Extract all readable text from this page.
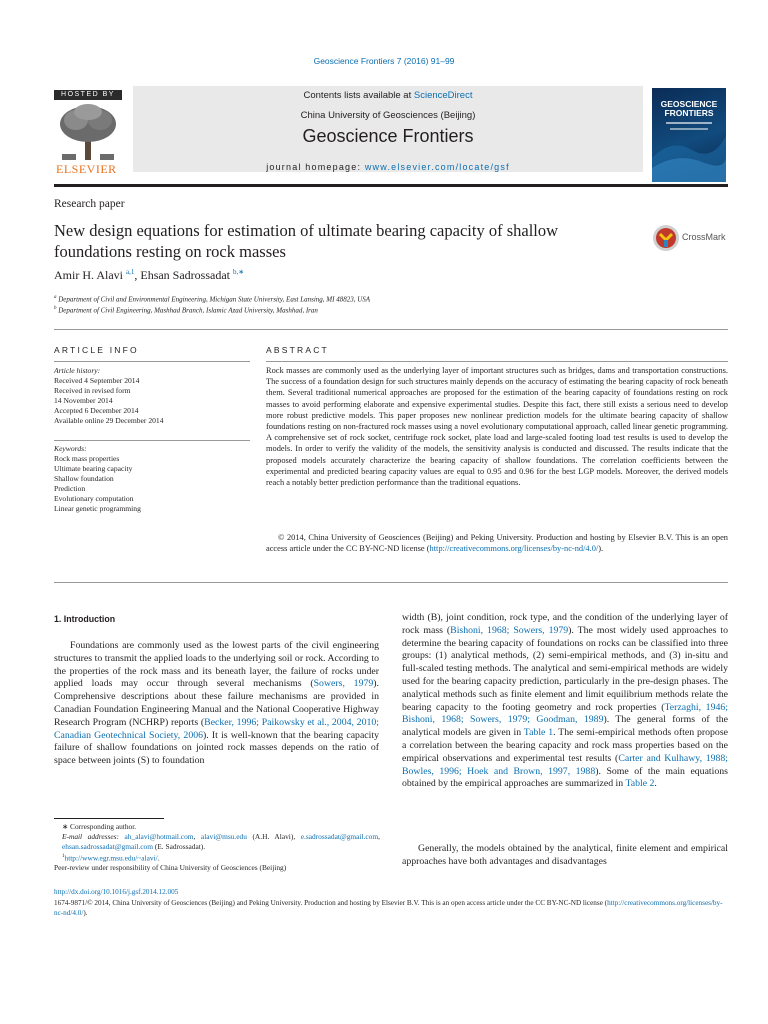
Geoscience Frontiers 7 (2016) 91–99
HOSTED BY
ELSEVIER
Contents lists available at ScienceDirect
China University of Geosciences (Beijing)
Geoscience Frontiers
journal homepage: www.elsevier.com/locate/gsf
GEOSCIENCE FRONTIERS
Research paper
New design equations for estimation of ultimate bearing capacity of shallow foundations resting on rock masses
CrossMark
Amir H. Alavi $^{a,1}$, Ehsan Sadrossadat $^{b,∗}$
$^a$ Department of Civil and Environmental Engineering, Michigan State University, East Lansing, MI 48823, USA
$^b$ Department of Civil Engineering, Mashhad Branch, Islamic Azad University, Mashhad, Iran
ARTICLE INFO	ABSTRACT
Article history:
Received 4 September 2014
Received in revised form
14 November 2014
Accepted 6 December 2014
Available online 29 December 2014
Keywords:
Rock mass properties
Ultimate bearing capacity
Shallow foundation
Prediction
Evolutionary computation
Linear genetic programming
Rock masses are commonly used as the underlying layer of important structures such as bridges, dams and transportation constructions. The success of a foundation design for such structures mainly depends on the accuracy of estimating the bearing capacity of rock beneath them. Several traditional numerical approaches are proposed for the estimation of the bearing capacity of foundations resting on rock masses to avoid performing elaborate and expensive experimental studies. Despite this fact, there still exists a serious need to develop more robust predictive models. This paper proposes new nonlinear prediction models for the ultimate bearing capacity of shallow foundations resting on non-fractured rock masses using a novel evolutionary computational approach, called linear genetic programming. A comprehensive set of rock socket, centrifuge rock socket, plate load and large-scaled footing load test results is used to develop the models. In order to verify the validity of the models, the sensitivity analysis is conducted and discussed. The results indicate that the proposed models accurately characterize the bearing capacity of shallow foundations. The correlation coefficients between the experimental and predicted bearing capacity values are equal to 0.95 and 0.96 for the best LGP models. Moreover, the derived models reach a notably better prediction performance than the traditional equations.
© 2014, China University of Geosciences (Beijing) and Peking University. Production and hosting by Elsevier B.V. This is an open access article under the CC BY-NC-ND license (http://creativecommons.org/licenses/by-nc-nd/4.0/).
1. Introduction

Foundations are commonly used as the lowest parts of the civil engineering structures to transmit the applied loads to the underlying soil or rock. According to the properties of the rock mass and its beneath layer, the failure of rocks under applied loads may occur through several mechanisms (Sowers, 1979). Comprehensive descriptions about these failure mechanisms are provided in Canadian Foundation Engineering Manual and the National Cooperative Highway Research Program (NCHRP) reports (Becker, 1996; Paikowsky et al., 2004, 2010; Canadian Geotechnical Society, 2006). It is well-known that the bearing capacity failure of shallow foundations on jointed rock masses depends on the ratio of space between joints (S) to foundation

width (B), joint condition, rock type, and the condition of the underlying layer of rock mass (Bishoni, 1968; Sowers, 1979). The most widely used approaches to determine the bearing capacity of foundations on rocks can be classified into three groups: (1) analytical methods, (2) semi-empirical methods, and (3) in-situ and full-scaled testing methods. The analytical and semi-empirical methods are widely used for the bearing capacity prediction, particularly in the pre-design phases. The analytical methods such as finite element and limit equilibrium methods relate the bearing capacity to the footing geometry and rock properties (Terzaghi, 1946; Bishoni, 1968; Sowers, 1979; Goodman, 1989). The general forms of the analytical models are given in Table 1. The semi-empirical methods often propose a correlation between the bearing capacity and rock mass properties based on the empirical observations and experimental test results (Carter and Kulhawy, 1988; Bowles, 1996; Hoek and Brown, 1997, 1988). Some of the main equations obtained by the empirical approaches are summarized in Table 2.

Generally, the models obtained by the analytical, finite element and empirical approaches have both advantages and disadvantages

∗ Corresponding author.
E-mail addresses: ah_alavi@hotmail.com, alavi@msu.edu (A.H. Alavi), e.sadrossadat@gmail.com, ehsan.sadrossadat@gmail.com (E. Sadrossadat).
$^1$http://www.egr.msu.edu/~alavi/.
Peer-review under responsibility of China University of Geosciences (Beijing)
http://dx.doi.org/10.1016/j.gsf.2014.12.005
1674-9871/© 2014, China University of Geosciences (Beijing) and Peking University. Production and hosting by Elsevier B.V. This is an open access article under the CC BY-NC-ND license (http://creativecommons.org/licenses/by-nc-nd/4.0/).
